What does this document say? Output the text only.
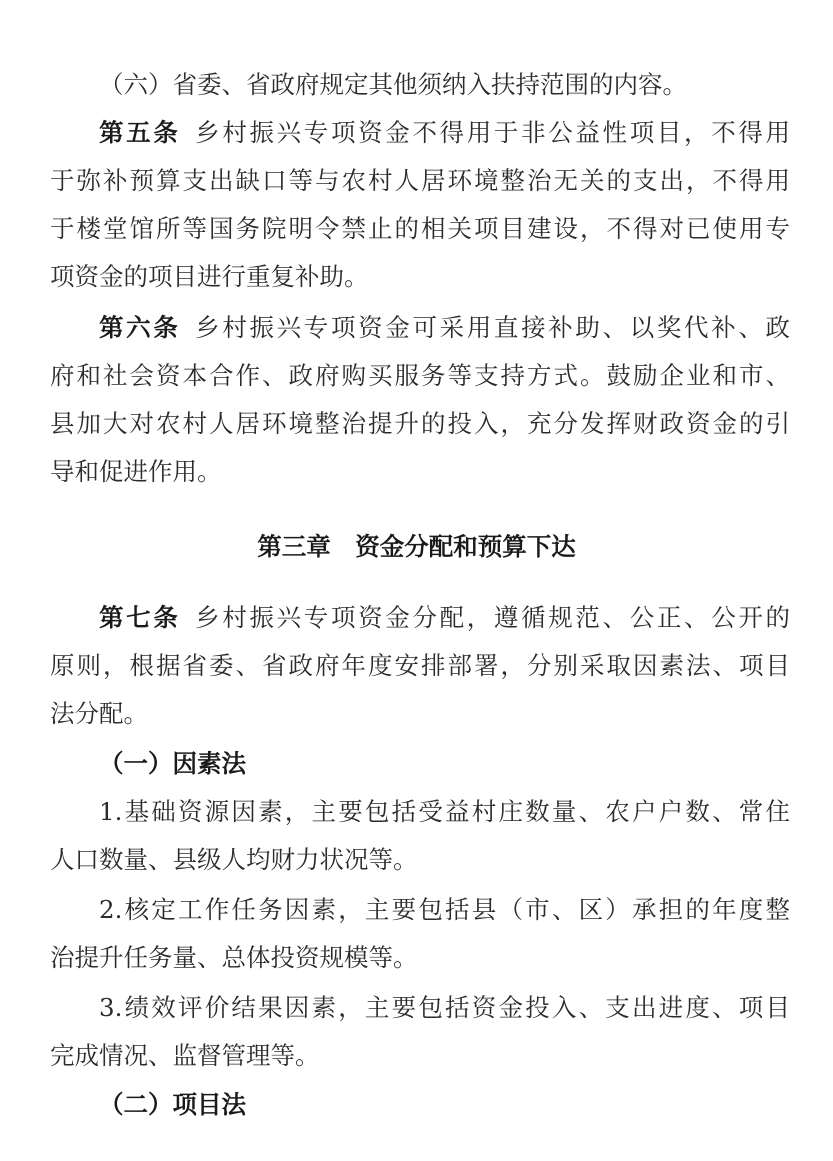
（六）省委、省政府规定其他须纳入扶持范围的内容。
第五条 乡村振兴专项资金不得用于非公益性项目，不得用
于弥补预算支出缺口等与农村人居环境整治无关的支出，不得用
于楼堂馆所等国务院明令禁止的相关项目建设，不得对已使用专
项资金的项目进行重复补助。
第六条 乡村振兴专项资金可采用直接补助、以奖代补、政
府和社会资本合作、政府购买服务等支持方式。鼓励企业和市、
县加大对农村人居环境整治提升的投入，充分发挥财政资金的引
导和促进作用。
第三章　资金分配和预算下达
第七条 乡村振兴专项资金分配，遵循规范、公正、公开的
原则，根据省委、省政府年度安排部署，分别采取因素法、项目
法分配。
（一）因素法
1.基础资源因素，主要包括受益村庄数量、农户户数、常住
人口数量、县级人均财力状况等。
2.核定工作任务因素，主要包括县（市、区）承担的年度整
治提升任务量、总体投资规模等。
3.绩效评价结果因素，主要包括资金投入、支出进度、项目
完成情况、监督管理等。
（二）项目法
